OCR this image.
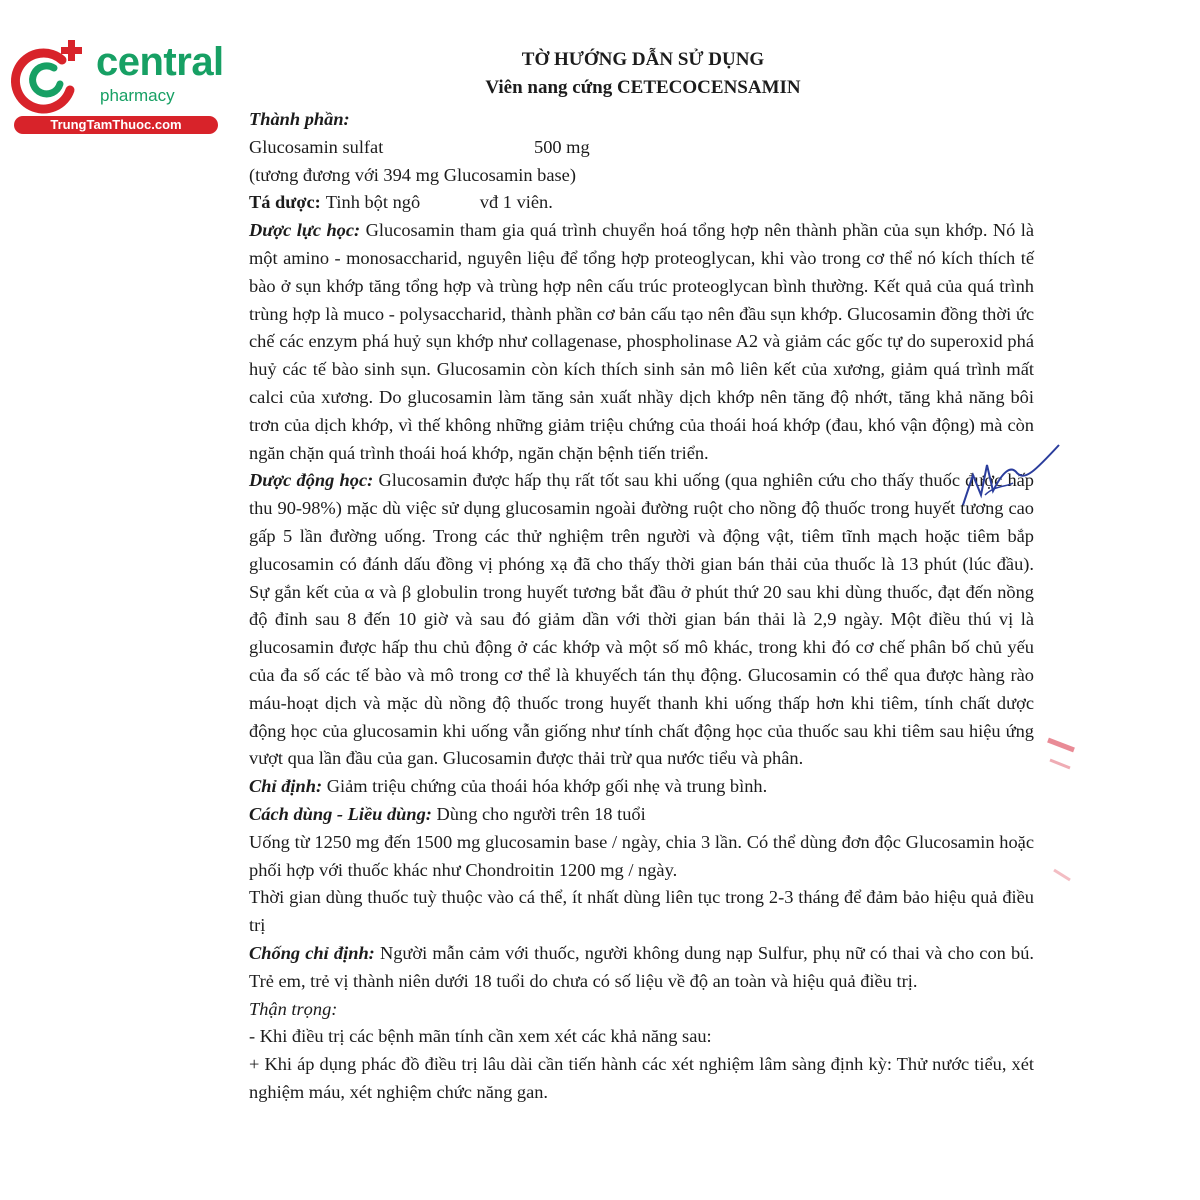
central
pharmacy
TrungTamThuoc.com
TỜ HƯỚNG DẪN SỬ DỤNG
Viên nang cứng CETECOCENSAMIN

Thành phần:

Glucosamin sulfat	500 mg

(tương đương với 394 mg Glucosamin base)

Tá dược: Tinh bột ngô	vđ 1 viên.

Dược lực học: Glucosamin tham gia quá trình chuyển hoá tổng hợp nên thành phần của sụn khớp. Nó là một amino - monosaccharid, nguyên liệu để tổng hợp proteoglycan, khi vào trong cơ thể nó kích thích tế bào ở sụn khớp tăng tổng hợp và trùng hợp nên cấu trúc proteoglycan bình thường. Kết quả của quá trình trùng hợp là muco - polysaccharid, thành phần cơ bản cấu tạo nên đầu sụn khớp. Glucosamin đồng thời ức chế các enzym phá huỷ sụn khớp như collagenase, phospholinase A2 và giảm các gốc tự do superoxid phá huỷ các tế bào sinh sụn. Glucosamin còn kích thích sinh sản mô liên kết của xương, giảm quá trình mất calci của xương. Do glucosamin làm tăng sản xuất nhầy dịch khớp nên tăng độ nhớt, tăng khả năng bôi trơn của dịch khớp, vì thế không những giảm triệu chứng của thoái hoá khớp (đau, khó vận động) mà còn ngăn chặn quá trình thoái hoá khớp, ngăn chặn bệnh tiến triển.

Dược động học: Glucosamin được hấp thụ rất tốt sau khi uống (qua nghiên cứu cho thấy thuốc được hấp thu 90-98%) mặc dù việc sử dụng glucosamin ngoài đường ruột cho nồng độ thuốc trong huyết tương cao gấp 5 lần đường uống. Trong các thử nghiệm trên người và động vật, tiêm tĩnh mạch hoặc tiêm bắp glucosamin có đánh dấu đồng vị phóng xạ đã cho thấy thời gian bán thải của thuốc là 13 phút (lúc đầu). Sự gắn kết của α và β globulin trong huyết tương bắt đầu ở phút thứ 20 sau khi dùng thuốc, đạt đến nồng độ đỉnh sau 8 đến 10 giờ và sau đó giảm dần với thời gian bán thải là 2,9 ngày. Một điều thú vị là glucosamin được hấp thu chủ động ở các khớp và một số mô khác, trong khi đó cơ chế phân bố chủ yếu của đa số các tế bào và mô trong cơ thể là khuyếch tán thụ động. Glucosamin có thể qua được hàng rào máu-hoạt dịch và mặc dù nồng độ thuốc trong huyết thanh khi uống thấp hơn khi tiêm, tính chất dược động học của glucosamin khi uống vẫn giống như tính chất động học của thuốc sau khi tiêm sau hiệu ứng vượt qua lần đầu của gan. Glucosamin được thải trừ qua nước tiểu và phân.

Chỉ định: Giảm triệu chứng của thoái hóa khớp gối nhẹ và trung bình.

Cách dùng - Liều dùng: Dùng cho người trên 18 tuổi

Uống từ 1250 mg đến 1500 mg glucosamin base / ngày, chia 3 lần. Có thể dùng đơn độc Glucosamin hoặc phối hợp với thuốc khác như Chondroitin 1200 mg / ngày.

Thời gian dùng thuốc tuỳ thuộc vào cá thể, ít nhất dùng liên tục trong 2-3 tháng để đảm bảo hiệu quả điều trị

Chống chỉ định: Người mẫn cảm với thuốc, người không dung nạp Sulfur, phụ nữ có thai và cho con bú. Trẻ em, trẻ vị thành niên dưới 18 tuổi do chưa có số liệu về độ an toàn và hiệu quả điều trị.

Thận trọng:

- Khi điều trị các bệnh mãn tính cần xem xét các khả năng sau:

+ Khi áp dụng phác đồ điều trị lâu dài cần tiến hành các xét nghiệm lâm sàng định kỳ: Thử nước tiểu, xét nghiệm máu, xét nghiệm chức năng gan.
